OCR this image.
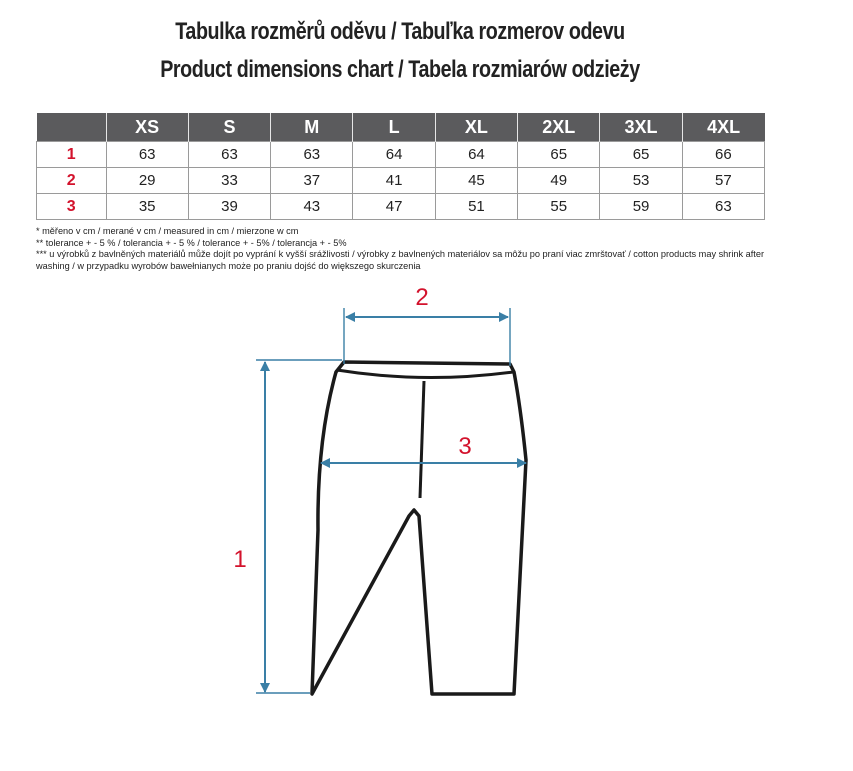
Tabulka rozměrů oděvu / Tabuľka rozmerov odevu
Product dimensions chart / Tabela rozmiarów odzieży
	XS	S	M	L	XL	2XL	3XL	4XL
1	63	63	63	64	64	65	65	66
2	29	33	37	41	45	49	53	57
3	35	39	43	47	51	55	59	63
* měřeno v cm / merané v cm / measured in cm / mierzone w cm
** tolerance + - 5 % / tolerancia + - 5 % / tolerance + - 5% / tolerancja + - 5%
*** u výrobků z bavlněných materiálů může dojít po vyprání k vyšší srážlivosti / výrobky z bavlnených materiálov sa môžu po praní viac zmrštovať / cotton products may shrink after washing / w przypadku wyrobów bawełnianych może po praniu dojść do większego skurczenia
2
3
1
